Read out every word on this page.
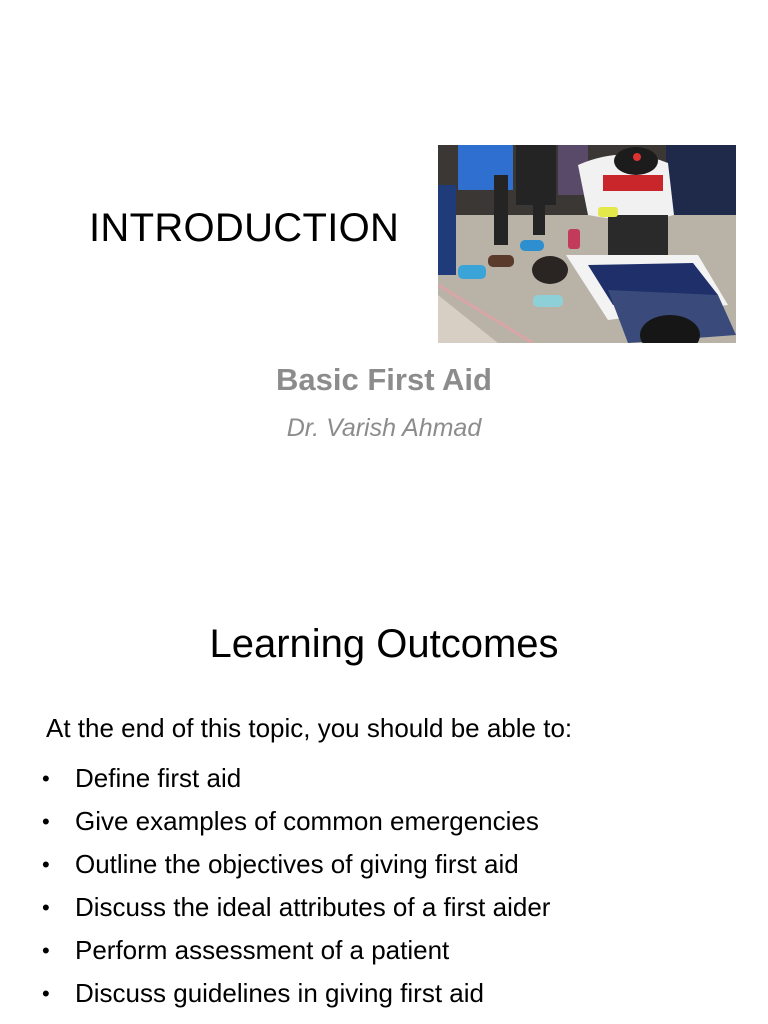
INTRODUCTION
Basic First Aid
Dr. Varish Ahmad
Learning Outcomes
At the end of this topic, you should be able to:
• Define first aid
• Give examples of common emergencies
• Outline the objectives of giving first aid
• Discuss the ideal attributes of a first aider
• Perform assessment of a patient
• Discuss guidelines in giving first aid
